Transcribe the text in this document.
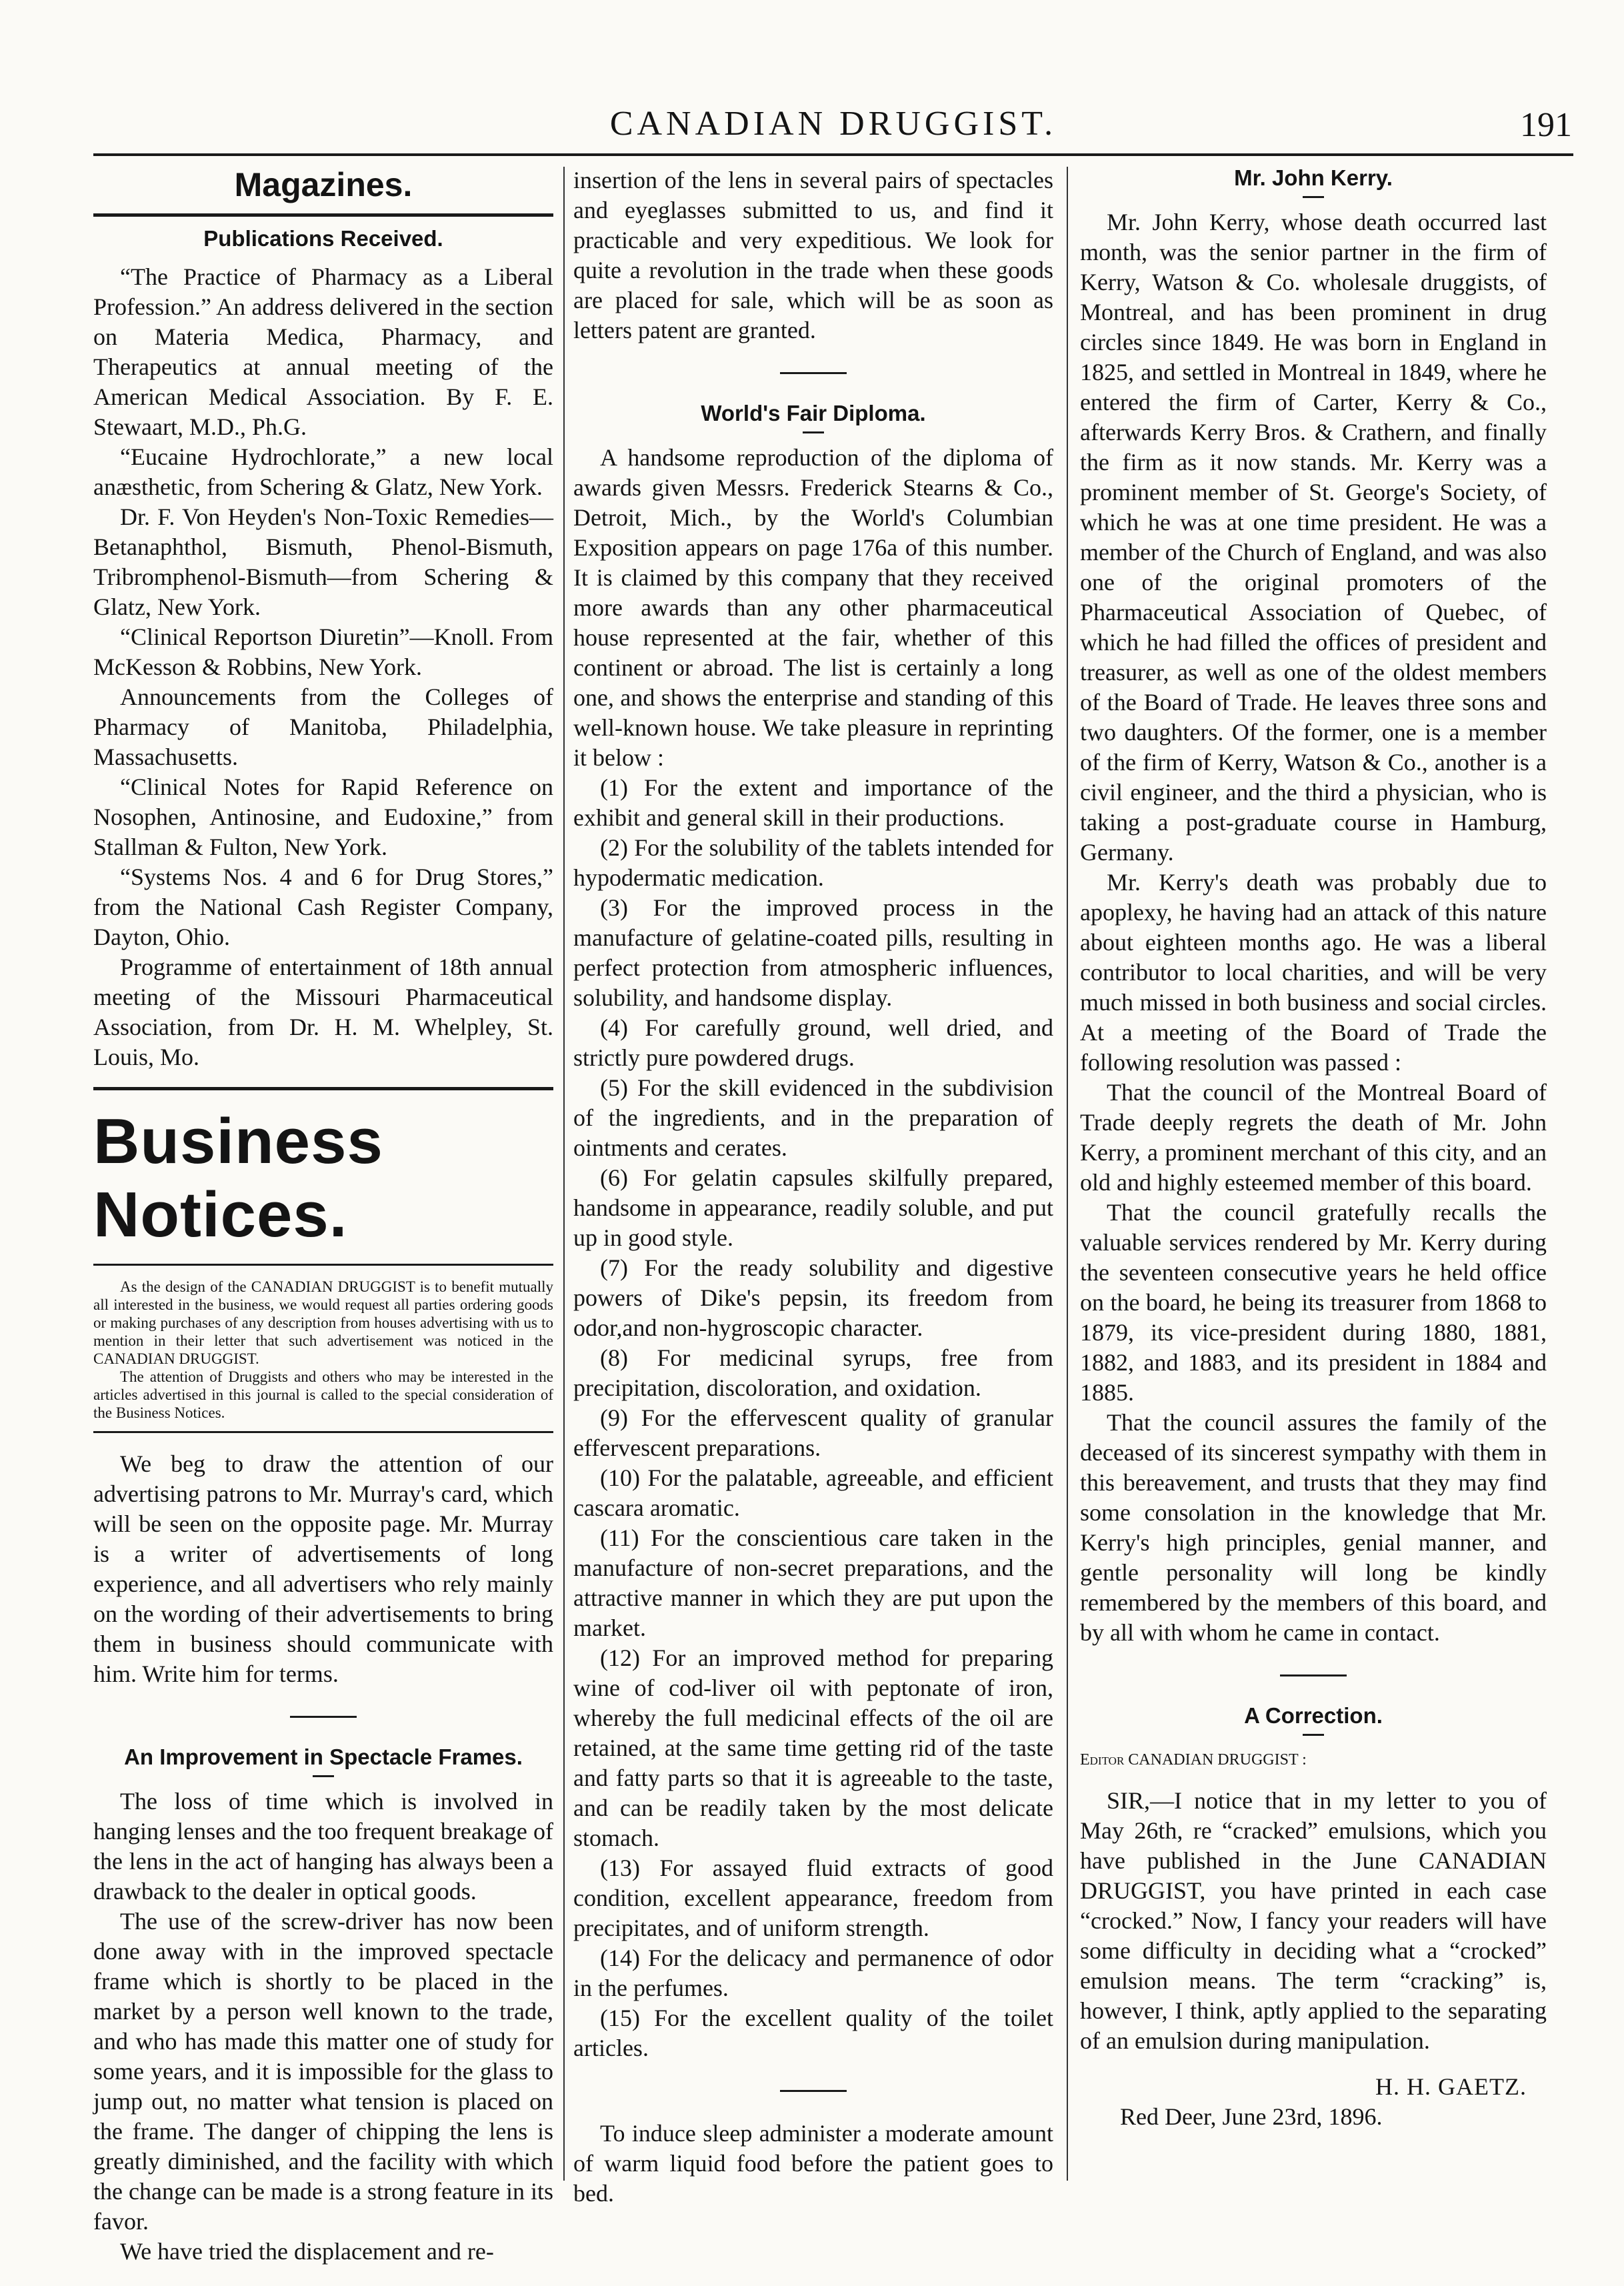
CANADIAN DRUGGIST.	191
Magazines.
Publications Received.

“The Practice of Pharmacy as a Liberal Profession.” An address delivered in the section on Materia Medica, Pharmacy, and Therapeutics at annual meeting of the American Medical Association. By F. E. Stewaart, M.D., Ph.G.

“Eucaine Hydrochlorate,” a new local anæsthetic, from Schering & Glatz, New York.

Dr. F. Von Heyden's Non-Toxic Remedies—Betanaphthol, Bismuth, Phenol-Bismuth, Tribromphenol-Bismuth—from Schering & Glatz, New York.

“Clinical Reportson Diuretin”—Knoll. From McKesson & Robbins, New York.

Announcements from the Colleges of Pharmacy of Manitoba, Philadelphia, Massachusetts.

“Clinical Notes for Rapid Reference on Nosophen, Antinosine, and Eudoxine,” from Stallman & Fulton, New York.

“Systems Nos. 4 and 6 for Drug Stores,” from the National Cash Register Company, Dayton, Ohio.

Programme of entertainment of 18th annual meeting of the Missouri Pharmaceutical Association, from Dr. H. M. Whelpley, St. Louis, Mo.

Business Notices.

As the design of the CANADIAN DRUGGIST is to benefit mutually all interested in the business, we would request all parties ordering goods or making purchases of any description from houses advertising with us to mention in their letter that such advertisement was noticed in the CANADIAN DRUGGIST.

The attention of Druggists and others who may be interested in the articles advertised in this journal is called to the special consideration of the Business Notices.

We beg to draw the attention of our advertising patrons to Mr. Murray's card, which will be seen on the opposite page. Mr. Murray is a writer of advertisements of long experience, and all advertisers who rely mainly on the wording of their advertisements to bring them in business should communicate with him. Write him for terms.

An Improvement in Spectacle Frames.

The loss of time which is involved in hanging lenses and the too frequent breakage of the lens in the act of hanging has always been a drawback to the dealer in optical goods.

The use of the screw-driver has now been done away with in the improved spectacle frame which is shortly to be placed in the market by a person well known to the trade, and who has made this matter one of study for some years, and it is impossible for the glass to jump out, no matter what tension is placed on the frame. The danger of chipping the lens is greatly diminished, and the facility with which the change can be made is a strong feature in its favor.

We have tried the displacement and re-

insertion of the lens in several pairs of spectacles and eyeglasses submitted to us, and find it practicable and very expeditious. We look for quite a revolution in the trade when these goods are placed for sale, which will be as soon as letters patent are granted.

World's Fair Diploma.

A handsome reproduction of the diploma of awards given Messrs. Frederick Stearns & Co., Detroit, Mich., by the World's Columbian Exposition appears on page 176a of this number. It is claimed by this company that they received more awards than any other pharmaceutical house represented at the fair, whether of this continent or abroad. The list is certainly a long one, and shows the enterprise and standing of this well-known house. We take pleasure in reprinting it below :

(1) For the extent and importance of the exhibit and general skill in their productions.

(2) For the solubility of the tablets intended for hypodermatic medication.

(3) For the improved process in the manufacture of gelatine-coated pills, resulting in perfect protection from atmospheric influences, solubility, and handsome display.

(4) For carefully ground, well dried, and strictly pure powdered drugs.

(5) For the skill evidenced in the subdivision of the ingredients, and in the preparation of ointments and cerates.

(6) For gelatin capsules skilfully prepared, handsome in appearance, readily soluble, and put up in good style.

(7) For the ready solubility and digestive powers of Dike's pepsin, its freedom from odor,and non-hygroscopic character.

(8) For medicinal syrups, free from precipitation, discoloration, and oxidation.

(9) For the effervescent quality of granular effervescent preparations.

(10) For the palatable, agreeable, and efficient cascara aromatic.

(11) For the conscientious care taken in the manufacture of non-secret preparations, and the attractive manner in which they are put upon the market.

(12) For an improved method for preparing wine of cod-liver oil with peptonate of iron, whereby the full medicinal effects of the oil are retained, at the same time getting rid of the taste and fatty parts so that it is agreeable to the taste, and can be readily taken by the most delicate stomach.

(13) For assayed fluid extracts of good condition, excellent appearance, freedom from precipitates, and of uniform strength.

(14) For the delicacy and permanence of odor in the perfumes.

(15) For the excellent quality of the toilet articles.

To induce sleep administer a moderate amount of warm liquid food before the patient goes to bed.

Mr. John Kerry.

Mr. John Kerry, whose death occurred last month, was the senior partner in the firm of Kerry, Watson & Co. wholesale druggists, of Montreal, and has been prominent in drug circles since 1849. He was born in England in 1825, and settled in Montreal in 1849, where he entered the firm of Carter, Kerry & Co., afterwards Kerry Bros. & Crathern, and finally the firm as it now stands. Mr. Kerry was a prominent member of St. George's Society, of which he was at one time president. He was a member of the Church of England, and was also one of the original promoters of the Pharmaceutical Association of Quebec, of which he had filled the offices of president and treasurer, as well as one of the oldest members of the Board of Trade. He leaves three sons and two daughters. Of the former, one is a member of the firm of Kerry, Watson & Co., another is a civil engineer, and the third a physician, who is taking a post-graduate course in Hamburg, Germany.

Mr. Kerry's death was probably due to apoplexy, he having had an attack of this nature about eighteen months ago. He was a liberal contributor to local charities, and will be very much missed in both business and social circles. At a meeting of the Board of Trade the following resolution was passed :

That the council of the Montreal Board of Trade deeply regrets the death of Mr. John Kerry, a prominent merchant of this city, and an old and highly esteemed member of this board.

That the council gratefully recalls the valuable services rendered by Mr. Kerry during the seventeen consecutive years he held office on the board, he being its treasurer from 1868 to 1879, its vice-president during 1880, 1881, 1882, and 1883, and its president in 1884 and 1885.

That the council assures the family of the deceased of its sincerest sympathy with them in this bereavement, and trusts that they may find some consolation in the knowledge that Mr. Kerry's high principles, genial manner, and gentle personality will long be kindly remembered by the members of this board, and by all with whom he came in contact.

A Correction.

Editor CANADIAN DRUGGIST :

SIR,—I notice that in my letter to you of May 26th, re “cracked” emulsions, which you have published in the June CANADIAN DRUGGIST, you have printed in each case “crocked.” Now, I fancy your readers will have some difficulty in deciding what a “crocked” emulsion means. The term “cracking” is, however, I think, aptly applied to the separating of an emulsion during manipulation.

H. H. GAETZ.

Red Deer, June 23rd, 1896.
